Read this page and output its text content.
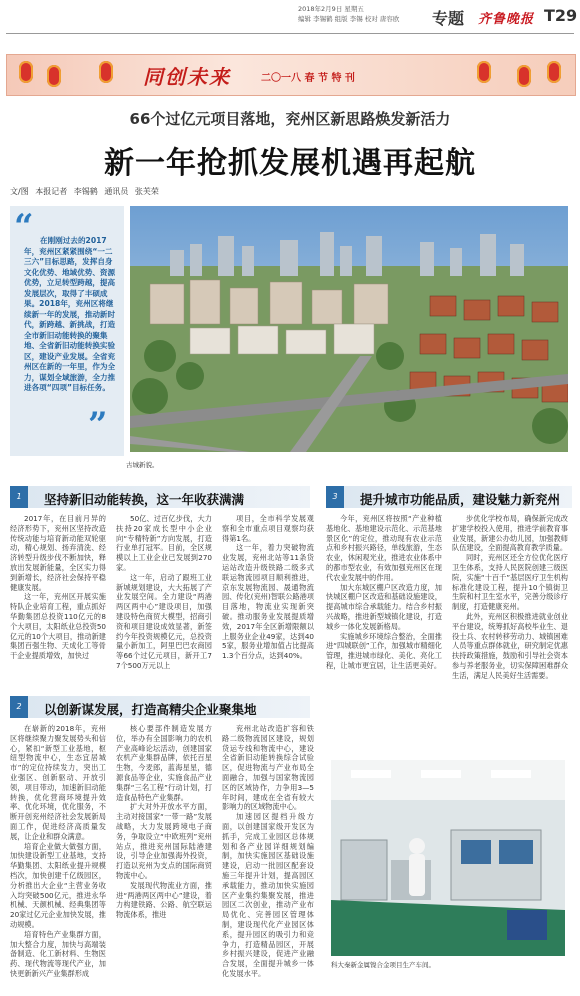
2018年2月9日 星期五
编辑 李锡鹤 组版 李锡 校对 唐容欧	专题 齐鲁晚报 T29
同创未来	二〇一八 春 节 特 刊
66个过亿元项目落地，兖州区新思路焕发新活力
新一年抢抓发展机遇再起航
文/图 本报记者 李锡鹤 通讯员 张芙荣
“ 在刚刚过去的2017年，兖州区紧紧围绕“一二三六”目标思路，发挥自身文化优势、地域优势、资源优势，立足转型跨越，提高发展层次，取得了丰硕成果。2018年，兖州区将继续新一年的发展，推动新时代，新跨越、新挑战，打造全市新旧动能转换的聚集地、全省新旧动能转换实验区，建设产业发展。全省兖州区在新的一年里，作为全力，谋划全域旅游，全力推进各项“四项”目标任务。
”
古城新貌。
1	坚持新旧动能转换，这一年收获满满
2	以创新谋发展，打造高精尖企业聚集地
3	提升城市功能品质，建设魅力新兖州

2017年，在目前月异的经济形势下，兖州区坚持改造传统动能与培育新动能双轮驱动，精心规划、扬弃清洗、经济转型升级步伐不断加快，释放出发展新能量，全区实力得到新增长，经济社会保持平稳健康发展。

这一年，兖州区开展实施特队企业培育工程，重点抓好华勤集团总投资110亿元的8个大项目，太阳纸业总投资50亿元的10个大项目，推动新建集团百强生物、天成化工等骨干企业提质增效，加快过

50亿、过百亿步伐，大力扶持20家成长型中小企业向“专精特新”方向发展，打造行业单打冠军。目前，全区规模以上工业企业已发展到270家。

这一年，启动了跟班工业新城规划建设，大大拓展了产业发展空间。全力建设“两港两区两中心”建设项目，加强建设特色商贸大模型，招商引资和项目建设成效显著，新签约今年投资规模亿元，总投资量小新加工，阿里巴巴农商园等66个过亿元项目，新开工77个500万元以上

项目，全市科学发展观察和全市重点项目观察均获得第1名。

这一年，着力突破物流业发展，兖州北站等11条货运站改造升级铁路二级多式联运物流园项目顺利推进，京东发展物流园、晟通物流园、传化(兖州)智联公路港项目落地，物流业实现新突破。推动服务业发展提质增效，2017年全区新增限额以上服务业企业49家，达到405家，服务业增加值占比提高1.3个百分点，达到40%。

在崭新的2018年，兖州区将继续聚力聚发展势头和信心，紧扣“新型工业基地，枢纽型物流中心，生态宜居城市”的定位持续发力，突出工业强区、创新驱动、开放引领，项目带动，加速新旧动能转换，优化营商环境提升效率、优化环境，优化服务，不断开创兖州经济社会发展新局面工作，促进经济高质量发展，让企业和群众满意。

培育企业做大做强方面，加快建设新型工业基地，支持华勤集团、太阳纸业提升规模档次，加快创建千亿级园区，分析推出大企业“主营业务收入均突破500亿元，推进永华机械、天颜机械、经典集团等20家过亿元企业加快发展，推动规模。

培育特色产业集群方面，加大整合力度，加快与高端装备制造、化工新材料、生物医药、现代物流等现代产业，加快更新新兴产业集群形成

核心要部件制造发展方位，举办有全国影响力的农机产业高峰论坛活动，创建国家农机产业集群品牌，依托百星生物，今麦郎，蓝海星星，德源食品等企业，实施食品产业集群“三名工程”行动计划，打造食品特色产业集群。

扩大对外开放水平方面，主动对接国家“一带一路”发展战略，大力发展跨境电子商务，争取设立“中欧班列”兖州站点，推进兖州国际陆港建设，引导企业加强海外投资，打造以兖州为支点的国际商贸物流中心。

发展现代物流业方面，推进“两港两区两中心”建设，着力构建铁路、公路、航空联运物流体系，推进

兖州北站改造扩容和铁路二级物流园区建设，规划货运专线和物流中心，建设全省新旧动能转换综合试验区，促进物流与产业布局全面融合，加强与国家物流园区的区域协作，力争用3—5年时间，建成在全省有较大影响力的区域物流中心。

加速园区提档升级方面，以创建国家级开发区为抓手，完成工业园区总体规划和各产业园详细规划编制，加快实施园区基础设施建设，启动一批园区配套设施三年提升计划，提高园区承载能力，推动加快实施园区产业集约集聚发展，推进园区二次创业，推动产业布局优化、完善园区管理体制，建设现代化产业园区体系，提升园区的吸引力和竞争力，打造精品园区，开展乡村振兴建设，促进产业融合发展，全面提升城乡一体化发展水平。

今年，兖州区将按照“产业种植基地化、基地建设示范化、示范基地景区化”的定位，推动现有农业示范点和乡村振兴路径，单线旅游，生态农业，休闲观光业，推进农业体系中的都市型农业，有效加强兖州区在现代农业发展中的作用。

加大东城区棚户区改造力度，加快城区棚户区改造和基础设施建设，提高城市综合承载能力。结合乡村振兴战略，推进新型城镇化建设，打造城乡一体化发展新格局。

实施城乡环境综合整治，全面推进“四城联创”工作，加强城市精细化管理，推进城市绿化、美化、亮化工程，让城市更宜居，让生活更美好。

步优化学校布局，确保新完成改扩建学校投入使用，推进学前教育事业发展，新建公办幼儿园，加强教师队伍建设，全面提高教育教学质量。

同时，兖州区还全方位优化医疗卫生体系，支持人民医院创建三级医院，实施“十百千”基层医疗卫生机构标准化建设工程，提升10个镇街卫生院和村卫生室水平，完善分级诊疗制度，打造健康兖州。

此外，兖州区积极推进就业创业平台建设，统筹抓好高校毕业生、退役士兵、农村转移劳动力、城镇困难人员等重点群体就业，研究制定优惠扶持政策措施，鼓励和引导社会资本参与养老服务业，切实保障困难群众生活，满足人民美好生活需要。

科大秦新金属镍合金项目生产车间。
